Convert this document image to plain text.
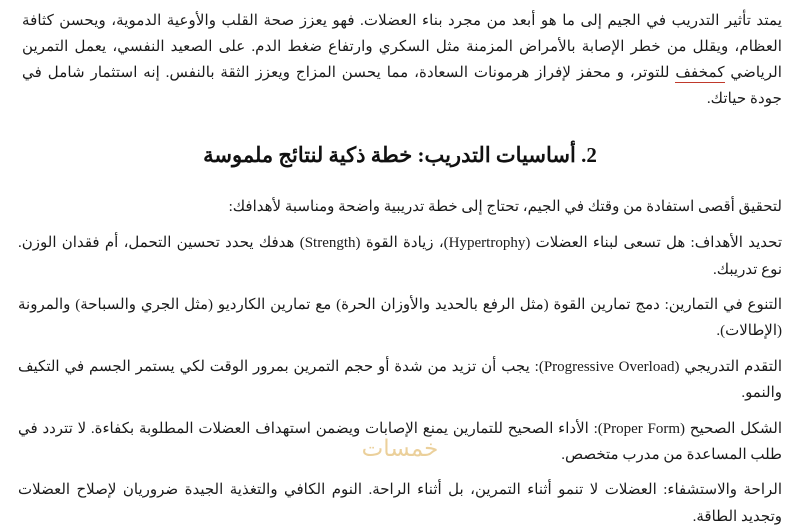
يمتد تأثير التدريب في الجيم إلى ما هو أبعد من مجرد بناء العضلات. فهو يعزز صحة القلب والأوعية الدموية، ويحسن كثافة العظام، ويقلل من خطر الإصابة بالأمراض المزمنة مثل السكري وارتفاع ضغط الدم. على الصعيد النفسي، يعمل التمرين الرياضي كمخفف للتوتر، و محفز لإفراز هرمونات السعادة، مما يحسن المزاج ويعزز الثقة بالنفس. إنه استثمار شامل في جودة حياتك.

2. أساسيات التدريب: خطة ذكية لنتائج ملموسة

لتحقيق أقصى استفادة من وقتك في الجيم، تحتاج إلى خطة تدريبية واضحة ومناسبة لأهدافك:

تحديد الأهداف: هل تسعى لبناء العضلات (Hypertrophy)، زيادة القوة (Strength) هدفك يحدد تحسين التحمل، أم فقدان الوزن. نوع تدريبك.

التنوع في التمارين: دمج تمارين القوة (مثل الرفع بالحديد والأوزان الحرة) مع تمارين الكارديو (مثل الجري والسباحة) والمرونة (الإطالات).

التقدم التدريجي (Progressive Overload): يجب أن تزيد من شدة أو حجم التمرين بمرور الوقت لكي يستمر الجسم في التكيف والنمو.

الشكل الصحيح (Proper Form): الأداء الصحيح للتمارين يمنع الإصابات ويضمن استهداف العضلات المطلوبة بكفاءة. لا تتردد في طلب المساعدة من مدرب متخصص.

الراحة والاستشفاء: العضلات لا تنمو أثناء التمرين، بل أثناء الراحة. النوم الكافي والتغذية الجيدة ضروريان لإصلاح العضلات وتجديد الطاقة.

خمسات
